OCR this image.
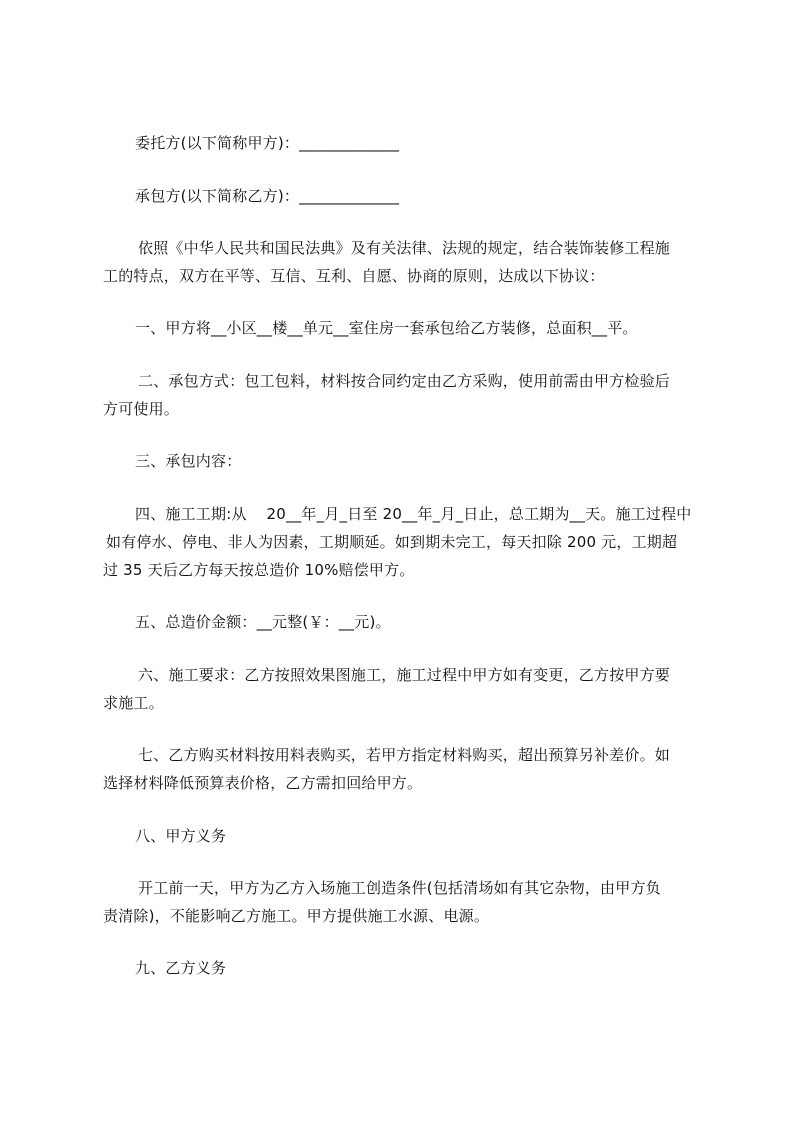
委托方(以下简称甲方)：_____________
承包方(以下简称乙方)：_____________
依照《中华人民共和国民法典》及有关法律、法规的规定，结合装饰装修工程施
工的特点，双方在平等、互信、互利、自愿、协商的原则，达成以下协议：
一、甲方将__小区__楼__单元__室住房一套承包给乙方装修，总面积__平。
二、承包方式：包工包料，材料按合同约定由乙方采购，使用前需由甲方检验后
方可使用。
三、承包内容：
四、施工工期:从    20__年_月_日至 20__年_月_日止，总工期为__天。施工过程中
如有停水、停电、非人为因素，工期顺延。如到期未完工，每天扣除 200 元，工期超
过 35 天后乙方每天按总造价 10%赔偿甲方。
五、总造价金额：__元整(￥：__元)。
六、施工要求：乙方按照效果图施工，施工过程中甲方如有变更，乙方按甲方要
求施工。
七、乙方购买材料按用料表购买，若甲方指定材料购买，超出预算另补差价。如
选择材料降低预算表价格，乙方需扣回给甲方。
八、甲方义务
开工前一天，甲方为乙方入场施工创造条件(包括清场如有其它杂物，由甲方负
责清除)，不能影响乙方施工。甲方提供施工水源、电源。
九、乙方义务
